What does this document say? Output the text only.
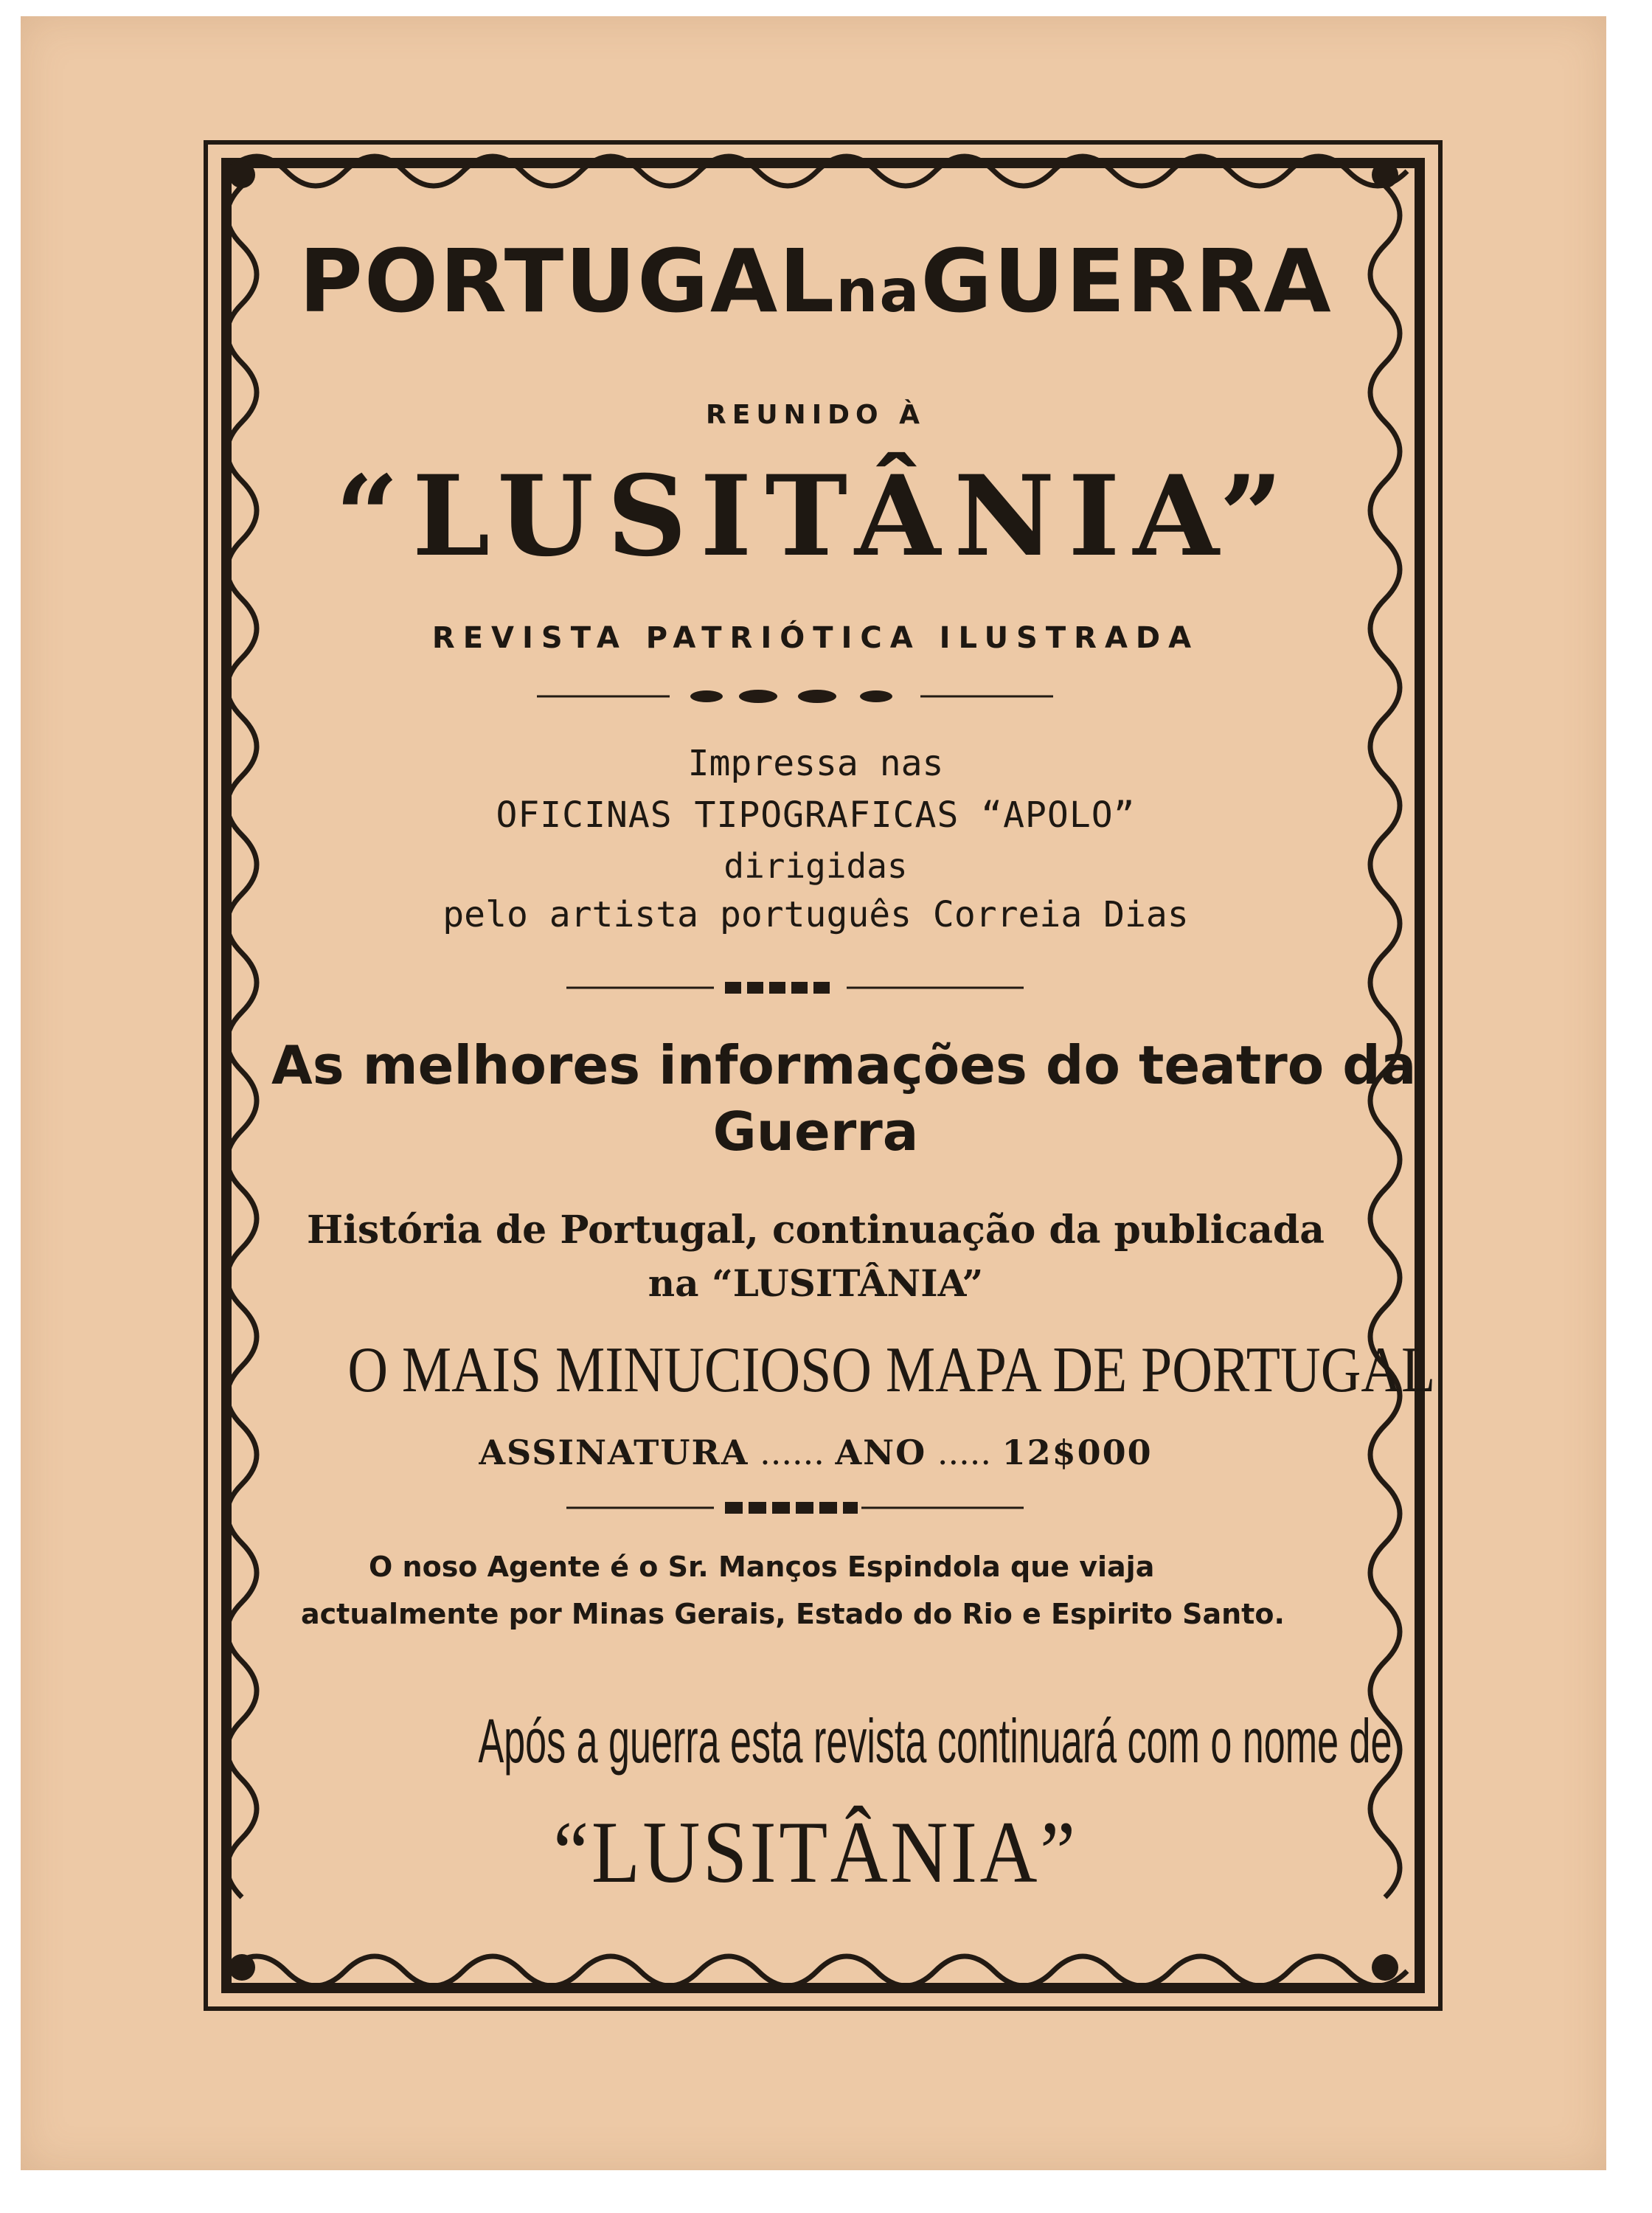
PORTUGALnaGUERRA
REUNIDO À
“LUSITÂNIA”
REVISTA PATRIÓTICA ILUSTRADA
Impressa nas
OFICINAS TIPOGRAFICAS “APOLO”
dirigidas
pelo artista português Correia Dias
As melhores informações do teatro da
Guerra
História de Portugal, continuação da publicada
na “LUSITÂNIA”
O MAIS MINUCIOSO MAPA DE PORTUGAL
ASSINATURA ...... ANO ..... 12$000
O noso Agente é o Sr. Manços Espindola que viaja actualmente por Minas Gerais, Estado do Rio e Espirito Santo.
Após a guerra esta revista continuará com o nome de
“LUSITÂNIA”
